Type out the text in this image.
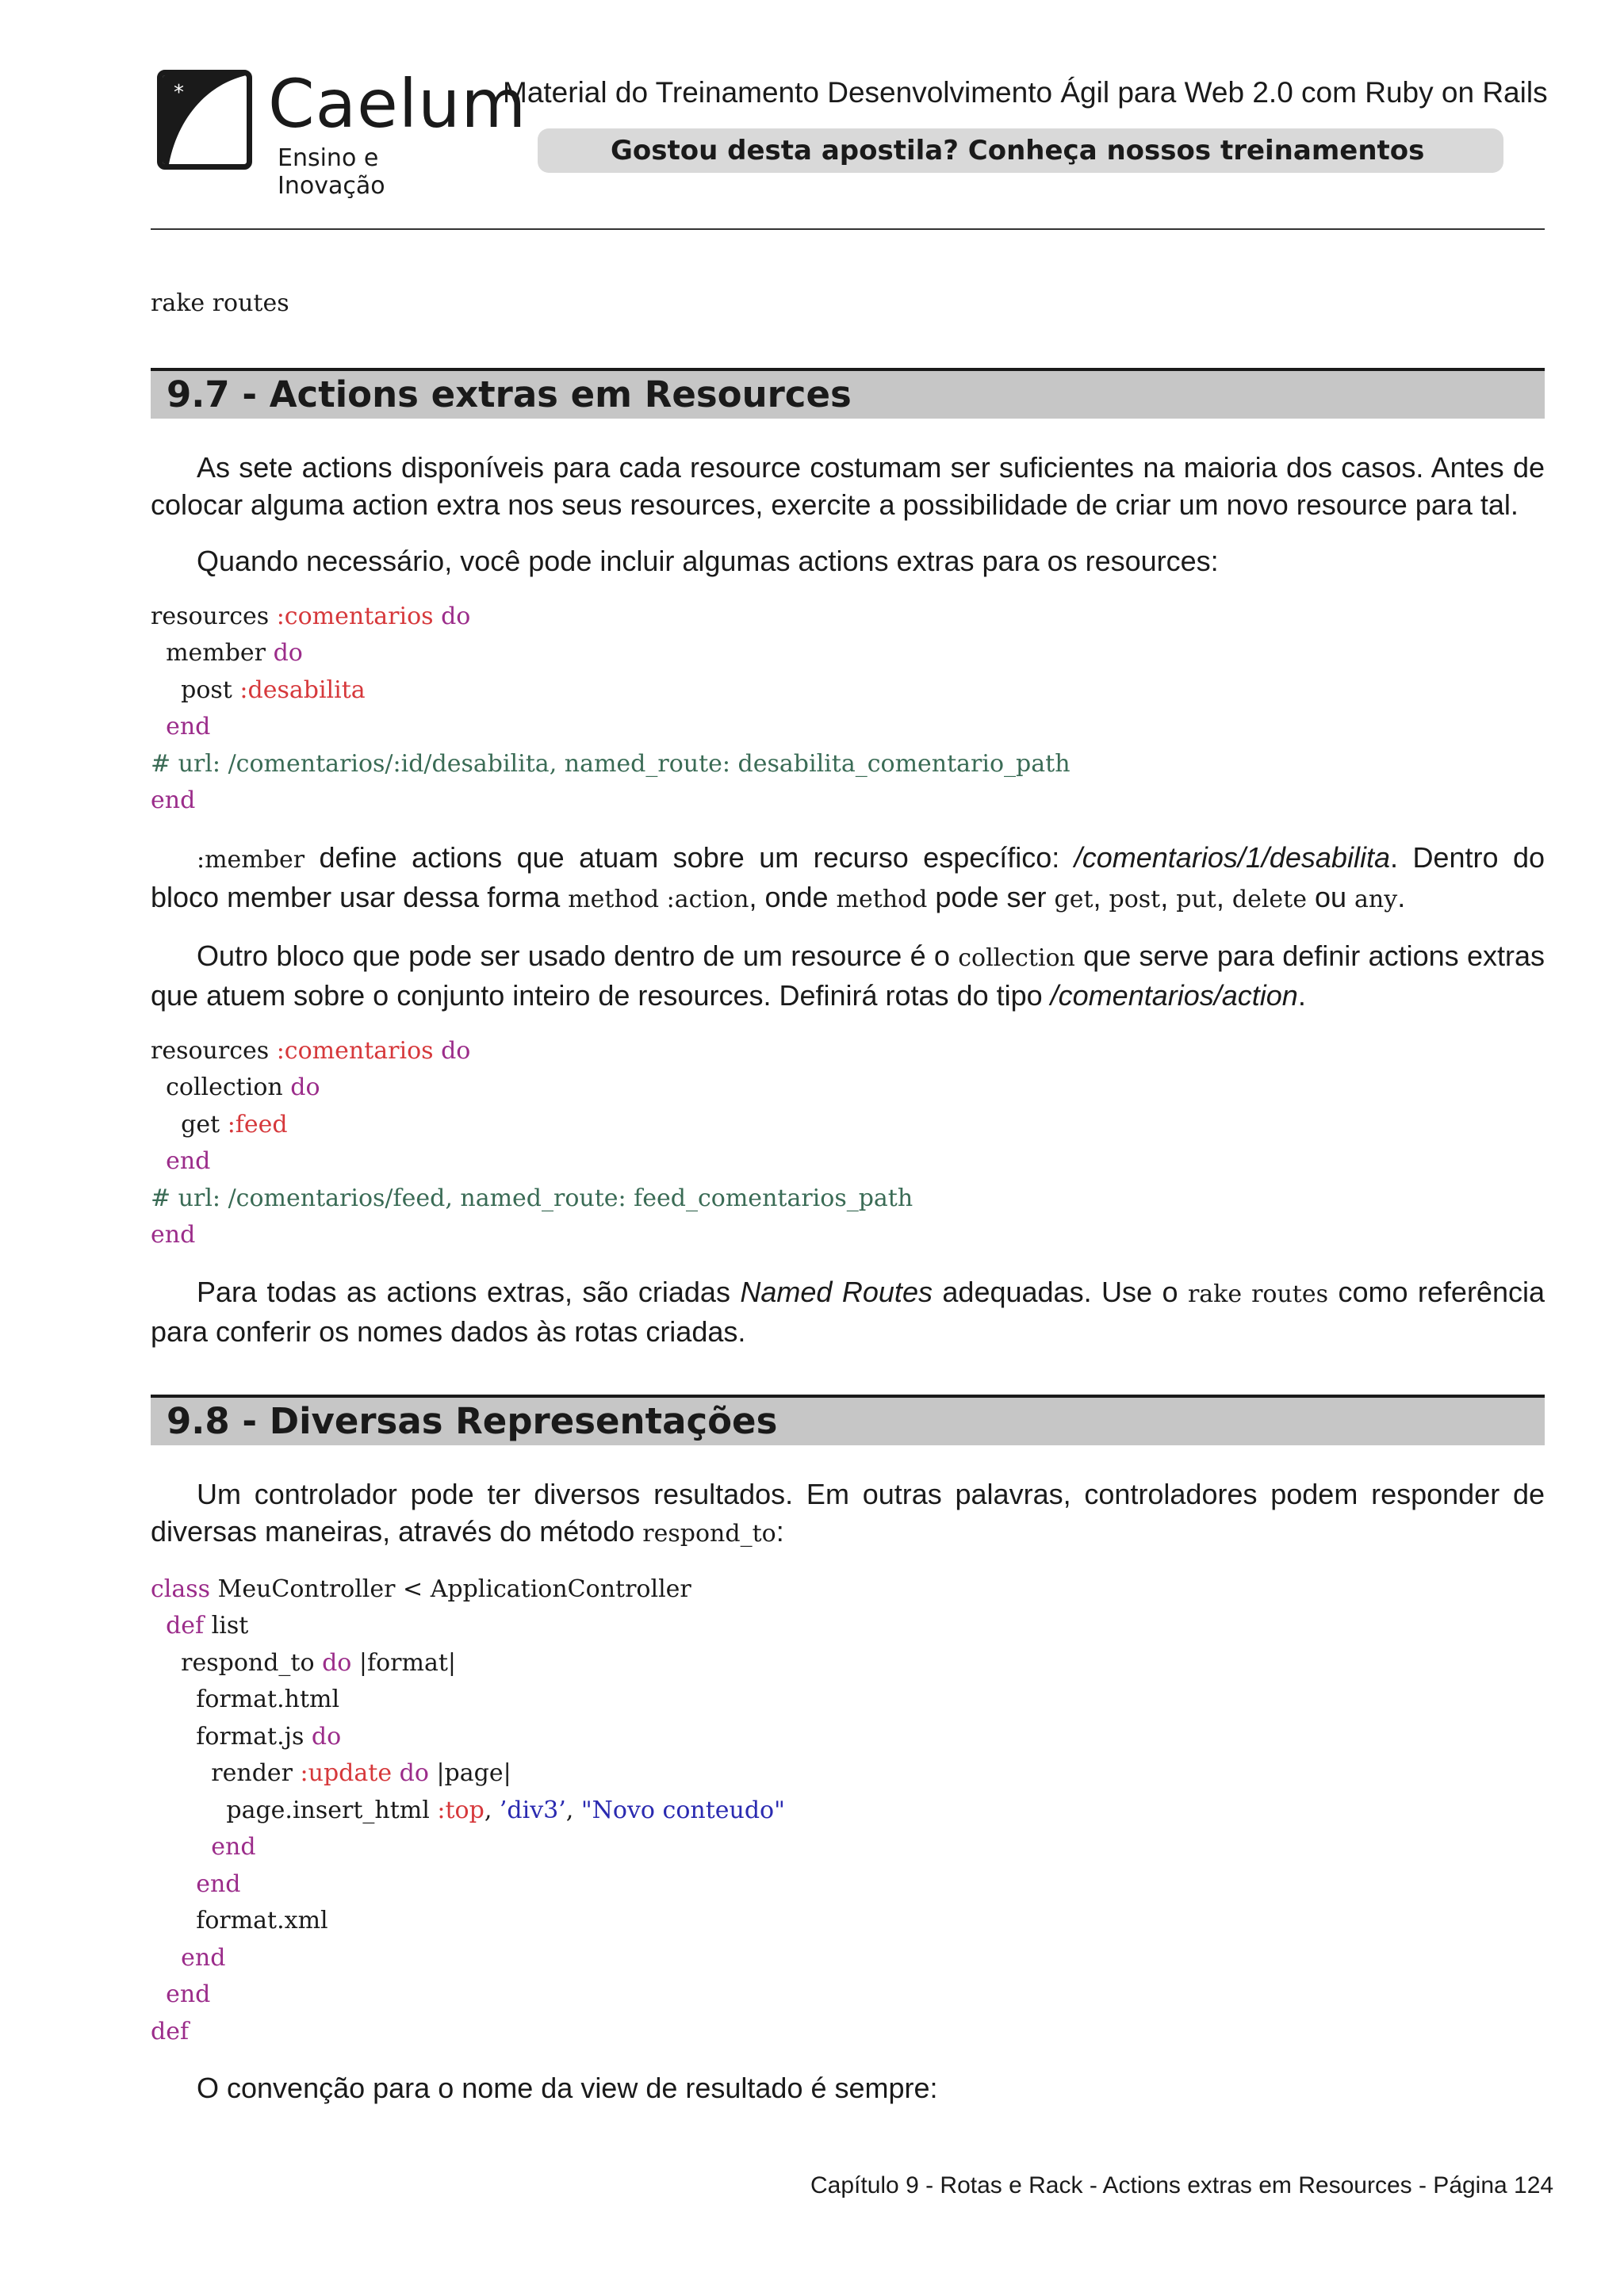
* Caelum
Ensino e Inovação
Material do Treinamento Desenvolvimento Ágil para Web 2.0 com Ruby on Rails
Gostou desta apostila? Conheça nossos treinamentos
rake routes
9.7 - Actions extras em Resources

As sete actions disponíveis para cada resource costumam ser suficientes na maioria dos casos. Antes de colocar alguma action extra nos seus resources, exercite a possibilidade de criar um novo resource para tal.

Quando necessário, você pode incluir algumas actions extras para os resources:

resources :comentarios do
member do
post :desabilita
end
# url: /comentarios/:id/desabilita, named_route: desabilita_comentario_path
end

:member define actions que atuam sobre um recurso específico: /comentarios/1/desabilita. Dentro do bloco member usar dessa forma method :action, onde method pode ser get, post, put, delete ou any.

Outro bloco que pode ser usado dentro de um resource é o collection que serve para definir actions extras que atuem sobre o conjunto inteiro de resources. Definirá rotas do tipo /comentarios/action.

resources :comentarios do
collection do
get :feed
end
# url: /comentarios/feed, named_route: feed_comentarios_path
end

Para todas as actions extras, são criadas Named Routes adequadas. Use o rake routes como referência para conferir os nomes dados às rotas criadas.

9.8 - Diversas Representações

Um controlador pode ter diversos resultados. Em outras palavras, controladores podem responder de diversas maneiras, através do método respond_to:

class MeuController < ApplicationController
def list
respond_to do |format|
format.html
format.js do
render :update do |page|
page.insert_html :top, ’div3’, "Novo conteudo"
end
end
format.xml
end
end
def

O convenção para o nome da view de resultado é sempre:

Capítulo 9 - Rotas e Rack - Actions extras em Resources - Página 124
